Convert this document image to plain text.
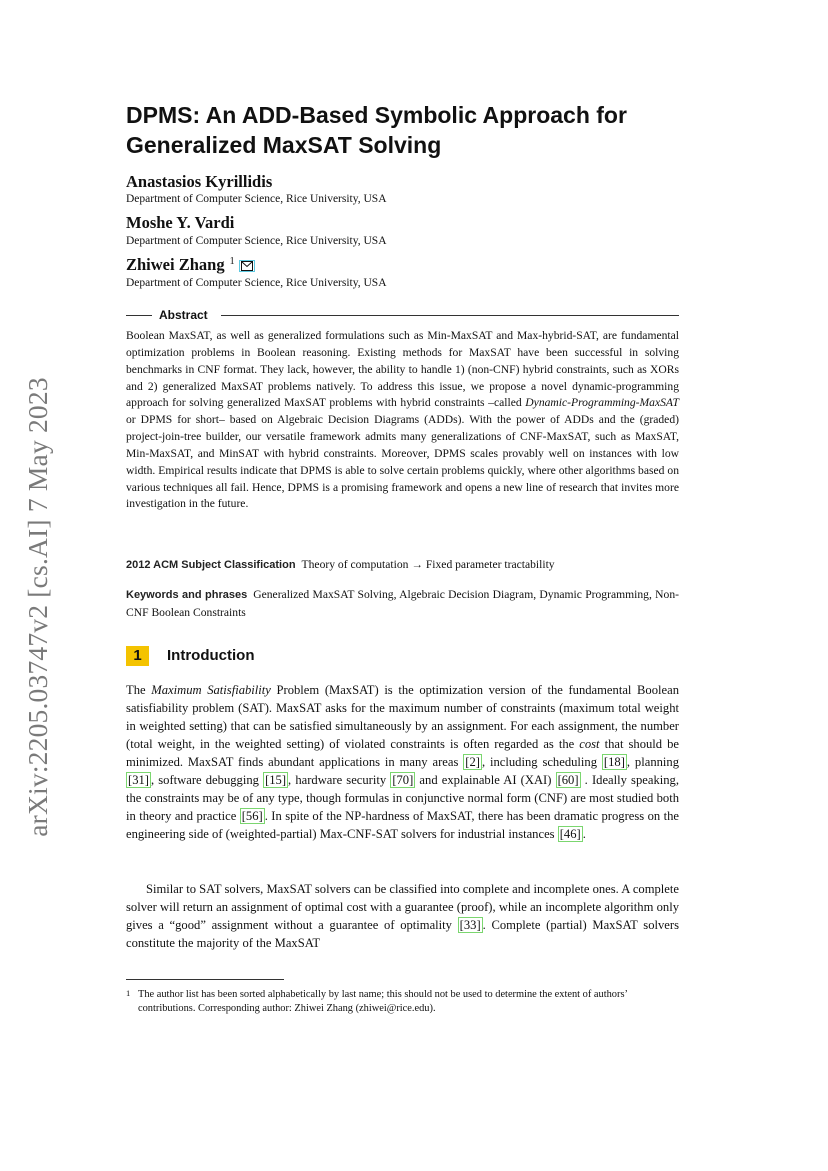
arXiv:2205.03747v2 [cs.AI] 7 May 2023
DPMS: An ADD-Based Symbolic Approach for
Generalized MaxSAT Solving
Anastasios Kyrillidis
Department of Computer Science, Rice University, USA
Moshe Y. Vardi
Department of Computer Science, Rice University, USA
Zhiwei Zhang $^1$
Department of Computer Science, Rice University, USA
Abstract

Boolean MaxSAT, as well as generalized formulations such as Min-MaxSAT and Max-hybrid-SAT, are fundamental optimization problems in Boolean reasoning. Existing methods for MaxSAT have been successful in solving benchmarks in CNF format. They lack, however, the ability to handle 1) (non-CNF) hybrid constraints, such as XORs and 2) generalized MaxSAT problems natively. To address this issue, we propose a novel dynamic-programming approach for solving generalized MaxSAT problems with hybrid constraints –called Dynamic-Programming-MaxSAT or DPMS for short– based on Algebraic Decision Diagrams (ADDs). With the power of ADDs and the (graded) project-join-tree builder, our versatile framework admits many generalizations of CNF-MaxSAT, such as MaxSAT, Min-MaxSAT, and MinSAT with hybrid constraints. Moreover, DPMS scales provably well on instances with low width. Empirical results indicate that DPMS is able to solve certain problems quickly, where other algorithms based on various techniques all fail. Hence, DPMS is a promising framework and opens a new line of research that invites more investigation in the future.

2012 ACM Subject Classification Theory of computation → Fixed parameter tractability

Keywords and phrases Generalized MaxSAT Solving, Algebraic Decision Diagram, Dynamic Programming, Non-CNF Boolean Constraints

1	Introduction

The Maximum Satisfiability Problem (MaxSAT) is the optimization version of the fundamental Boolean satisfiability problem (SAT). MaxSAT asks for the maximum number of constraints (maximum total weight in weighted setting) that can be satisfied simultaneously by an assignment. For each assignment, the number (total weight, in the weighted setting) of violated constraints is often regarded as the cost that should be minimized. MaxSAT finds abundant applications in many areas [2] , including scheduling [18] , planning [31] , software debugging [15] , hardware security [70] and explainable AI (XAI) [60] . Ideally speaking, the constraints may be of any type, though formulas in conjunctive normal form (CNF) are most studied both in theory and practice [56] . In spite of the NP-hardness of MaxSAT, there has been dramatic progress on the engineering side of (weighted-partial) Max-CNF-SAT solvers for industrial instances [46] .

Similar to SAT solvers, MaxSAT solvers can be classified into complete and incomplete ones. A complete solver will return an assignment of optimal cost with a guarantee (proof), while an incomplete algorithm only gives a “good” assignment without a guarantee of optimality [33] . Complete (partial) MaxSAT solvers constitute the majority of the MaxSAT

1 The author list has been sorted alphabetically by last name; this should not be used to determine the extent of authors’ contributions. Corresponding author: Zhiwei Zhang (zhiwei@rice.edu).
